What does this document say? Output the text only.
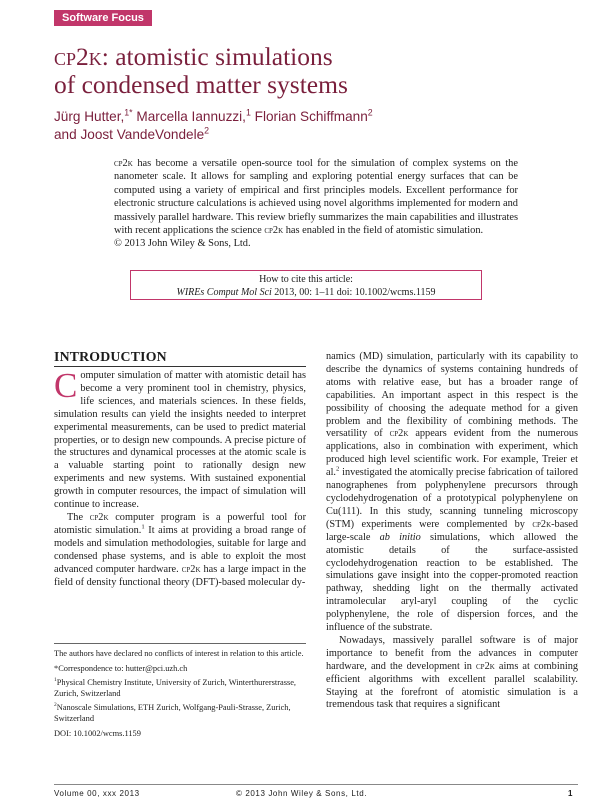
Software Focus
cp2k: atomistic simulations
of condensed matter systems
Jürg Hutter,$^{1*}$ Marcella Iannuzzi,$^1$ Florian Schiffmann$^2$
and Joost VandeVondele$^2$
cp2k has become a versatile open-source tool for the simulation of complex systems on the nanometer scale. It allows for sampling and exploring potential energy surfaces that can be computed using a variety of empirical and first principles models. Excellent performance for electronic structure calculations is achieved using novel algorithms implemented for modern and massively parallel hardware. This review briefly summarizes the main capabilities and illustrates with recent applications the science cp2k has enabled in the field of atomistic simulation.
© 2013 John Wiley & Sons, Ltd.
How to cite this article:
WIREs Comput Mol Sci 2013, 00: 1–11 doi: 10.1002/wcms.1159
INTRODUCTION

Computer simulation of matter with atomistic detail has become a very prominent tool in chemistry, physics, life sciences, and materials sciences. In these fields, simulation results can yield the insights needed to interpret experimental measurements, can be used to predict material properties, or to design new compounds. A precise picture of the structures and dynamical processes at the atomic scale is a valuable starting point to rationally design new experiments and new systems. With sustained exponential growth in computer resources, the impact of simulation will continue to increase.

The cp2k computer program is a powerful tool for atomistic simulation.$^1$ It aims at providing a broad range of models and simulation methodologies, suitable for large and condensed phase systems, and is able to exploit the most advanced computer hardware. cp2k has a large impact in the field of density functional theory (DFT)-based molecular dy-

The authors have declared no conflicts of interest in relation to this article.

*Correspondence to: hutter@pci.uzh.ch

$^1$Physical Chemistry Institute, University of Zurich, Winterthurerstrasse, Zurich, Switzerland

$^2$Nanoscale Simulations, ETH Zurich, Wolfgang-Pauli-Strasse, Zurich, Switzerland

DOI: 10.1002/wcms.1159

namics (MD) simulation, particularly with its capability to describe the dynamics of systems containing hundreds of atoms with relative ease, but has a broader range of capabilities. An important aspect in this respect is the possibility of choosing the adequate method for a given problem and the flexibility of combining methods. The versatility of cp2k appears evident from the numerous applications, also in combination with experiment, which produced high level scientific work. For example, Treier et al.$^2$ investigated the atomically precise fabrication of tailored nanographenes from polyphenylene precursors through cyclodehydrogenation of a prototypical polyphenylene on Cu(111). In this study, scanning tunneling microscopy (STM) experiments were complemented by cp2k-based large-scale ab initio simulations, which allowed the atomistic details of the surface-assisted cyclodehydrogenation reaction to be established. The simulations gave insight into the copper-promoted reaction pathway, shedding light on the thermally activated intramolecular aryl-aryl coupling of the cyclic polyphenylene, the role of dispersion forces, and the influence of the substrate.

Nowadays, massively parallel software is of major importance to benefit from the advances in computer hardware, and the development in cp2k aims at combining efficient algorithms with excellent parallel scalability. Staying at the forefront of atomistic simulation is a tremendous task that requires a significant

Volume 00, xxx 2013	© 2013 John Wiley & Sons, Ltd.	1
